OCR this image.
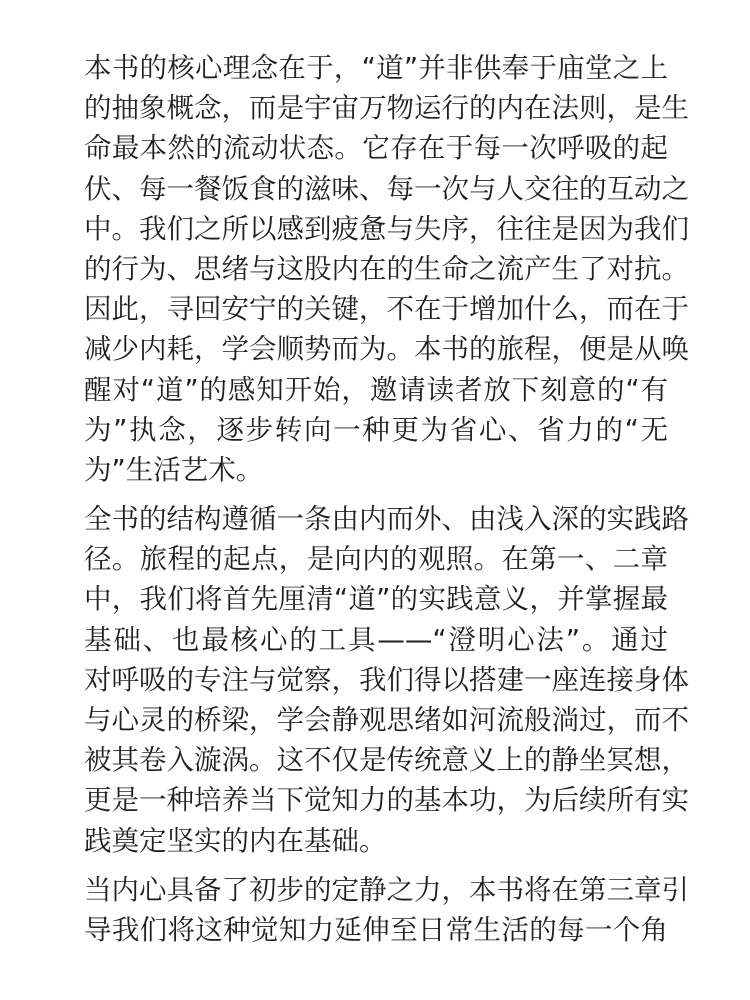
本书的核心理念在于，“道”并非供奉于庙堂之上
的抽象概念，而是宇宙万物运行的内在法则，是生
命最本然的流动状态。它存在于每一次呼吸的起
伏、每一餐饭食的滋味、每一次与人交往的互动之
中。我们之所以感到疲惫与失序，往往是因为我们
的行为、思绪与这股内在的生命之流产生了对抗。
因此，寻回安宁的关键，不在于增加什么，而在于
减少内耗，学会顺势而为。本书的旅程，便是从唤
醒对“道”的感知开始，邀请读者放下刻意的“有
为”执念，逐步转向一种更为省心、省力的“无
为”生活艺术。

全书的结构遵循一条由内而外、由浅入深的实践路
径。旅程的起点，是向内的观照。在第一、二章
中，我们将首先厘清“道”的实践意义，并掌握最
基础、也最核心的工具——“澄明心法”。通过
对呼吸的专注与觉察，我们得以搭建一座连接身体
与心灵的桥梁，学会静观思绪如河流般淌过，而不
被其卷入漩涡。这不仅是传统意义上的静坐冥想，
更是一种培养当下觉知力的基本功，为后续所有实
践奠定坚实的内在基础。

当内心具备了初步的定静之力，本书将在第三章引
导我们将这种觉知力延伸至日常生活的每一个角
